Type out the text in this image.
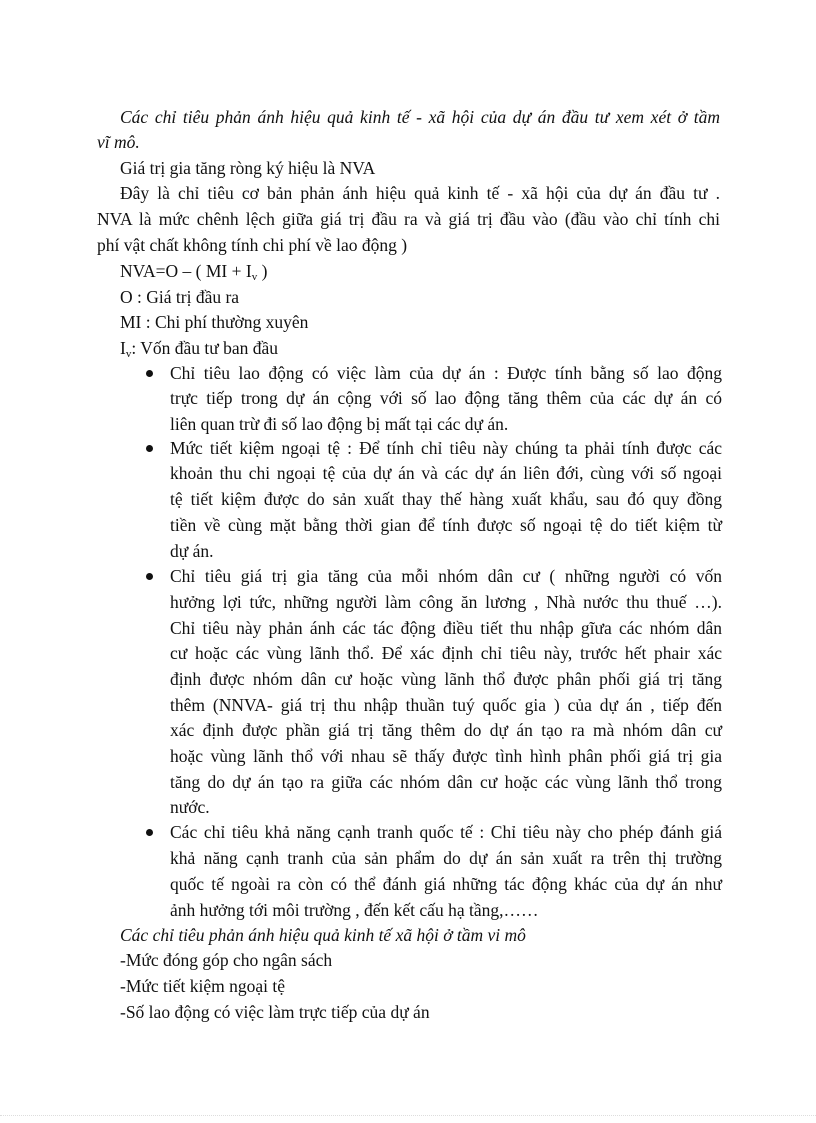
Các chỉ tiêu phản ánh hiệu quả kinh tế - xã hội của dự án đầu tư xem xét ở tầm
vĩ mô.
Giá trị gia tăng ròng ký hiệu là NVA
Đây là chỉ tiêu cơ bản phản ánh hiệu quả kinh tế - xã hội của dự án đầu tư .
NVA là mức chênh lệch giữa giá trị đầu ra và giá trị đầu vào (đầu vào chỉ tính chi
phí vật chất không tính chi phí về lao động )
NVA=O – ( MI + $I_v$ )
O : Giá trị đầu ra
MI : Chi phí thường xuyên
$I_v$: Vốn đầu tư ban đầu
Chỉ tiêu lao động có việc làm của dự án : Được tính bằng số lao động
trực tiếp trong dự án cộng với số lao động tăng thêm của các dự án có
liên quan trừ đi số lao động bị mất tại các dự án.
Mức tiết kiệm ngoại tệ : Để tính chỉ tiêu này chúng ta phải tính được các
khoản thu chi ngoại tệ của dự án và các dự án liên đới, cùng với số ngoại
tệ tiết kiệm được do sản xuất thay thế hàng xuất khẩu, sau đó quy đồng
tiền về cùng mặt bằng thời gian để tính được số ngoại tệ do tiết kiệm từ
dự án.
Chỉ tiêu giá trị gia tăng của mỗi nhóm dân cư ( những người có vốn
hưởng lợi tức, những người làm công ăn lương , Nhà nước thu thuế …).
Chỉ tiêu này phản ánh các tác động điều tiết thu nhập gĩưa các nhóm dân
cư hoặc các vùng lãnh thổ. Để xác định chỉ tiêu này, trước hết phair xác
định được nhóm dân cư hoặc vùng lãnh thổ được phân phối giá trị tăng
thêm (NNVA- giá trị thu nhập thuần tuý quốc gia ) của dự án , tiếp đến
xác định được phần giá trị tăng thêm do dự án tạo ra mà nhóm dân cư
hoặc vùng lãnh thổ với nhau sẽ thấy được tình hình phân phối giá trị gia
tăng do dự án tạo ra giữa các nhóm dân cư hoặc các vùng lãnh thổ trong
nước.
Các chỉ tiêu khả năng cạnh tranh quốc tế : Chỉ tiêu này cho phép đánh giá
khả năng cạnh tranh của sản phẩm do dự án sản xuất ra trên thị trường
quốc tế ngoài ra còn có thể đánh giá những tác động khác của dự án như
ảnh hưởng tới môi trường , đến kết cấu hạ tầng,……
Các chỉ tiêu phản ánh hiệu quả kinh tế xã hội ở tầm vi mô
-Mức đóng góp cho ngân sách
-Mức tiết kiệm ngoại tệ
-Số lao động có việc làm trực tiếp của dự án
